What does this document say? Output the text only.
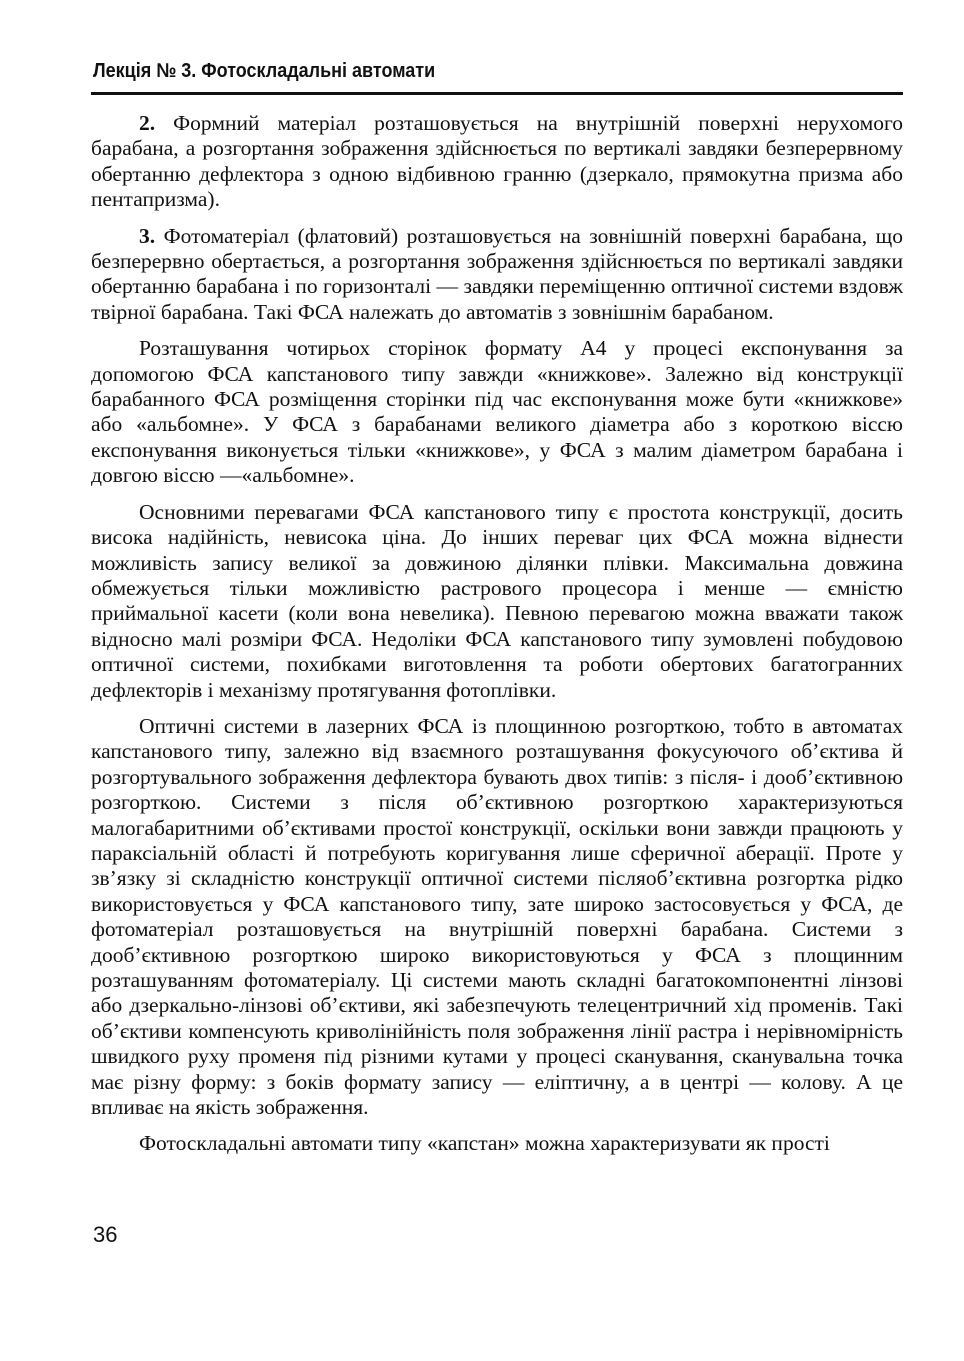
Лекція № 3. Фотоскладальні автомати

2. Формний матеріал розташовується на внутрішній поверхні нерухомого барабана, а розгортання зображення здійснюється по вертикалі завдяки безперервному обертанню дефлектора з одною відбивною гранню (дзеркало, прямокутна призма або пентапризма).

3. Фотоматеріал (флатовий) розташовується на зовнішній поверхні барабана, що безперервно обертається, а розгортання зображення здійснюється по вертикалі завдяки обертанню барабана і по горизонталі — завдяки переміщенню оптичної системи вздовж твірної барабана. Такі ФСА належать до автоматів з зовнішнім барабаном.

Розташування чотирьох сторінок формату А4 у процесі експонування за допомогою ФСА капстанового типу завжди «книжкове». Залежно від конструкції барабанного ФСА розміщення сторінки під час експонування може бути «книжкове» або «альбомне». У ФСА з барабанами великого діаметра або з короткою віссю експонування виконується тільки «книжкове», у ФСА з малим діаметром барабана і довгою віссю —«альбомне».

Основними перевагами ФСА капстанового типу є простота конструкції, досить висока надійність, невисока ціна. До інших переваг цих ФСА можна віднести можливість запису великої за довжиною ділянки плівки. Максимальна довжина обмежується тільки можливістю растрового процесора і менше — ємністю приймальної касети (коли вона невелика). Певною перевагою можна вважати також відносно малі розміри ФСА. Недоліки ФСА капстанового типу зумовлені побудовою оптичної системи, похибками виготовлення та роботи обертових багатогранних дефлекторів і механізму протягування фотоплівки.

Оптичні системи в лазерних ФСА із площинною розгорткою, тобто в автоматах капстанового типу, залежно від взаємного розташування фокусуючого об’єктива й розгортувального зображення дефлектора бувають двох типів: з після- і дооб’єктивною розгорткою. Системи з після об’єктивною розгорткою характеризуються малогабаритними об’єктивами простої конструкції, оскільки вони завжди працюють у параксіальній області й потребують коригування лише сферичної аберації. Проте у зв’язку зі складністю конструкції оптичної системи післяоб’єктивна розгортка рідко використовується у ФСА капстанового типу, зате широко застосовується у ФСА, де фотоматеріал розташовується на внутрішній поверхні барабана. Системи з дооб’єктивною розгорткою широко використовуються у ФСА з площинним розташуванням фотоматеріалу. Ці системи мають складні багатокомпонентні лінзові або дзеркально-лінзові об’єктиви, які забезпечують телецентричний хід променів. Такі об’єктиви компенсують криволінійність поля зображення лінії растра і нерівномірність швидкого руху променя під різними кутами у процесі сканування, сканувальна точка має різну форму: з боків формату запису — еліптичну, а в центрі — колову. А це впливає на якість зображення.

Фотоскладальні автомати типу «капстан» можна характеризувати як прості

36
